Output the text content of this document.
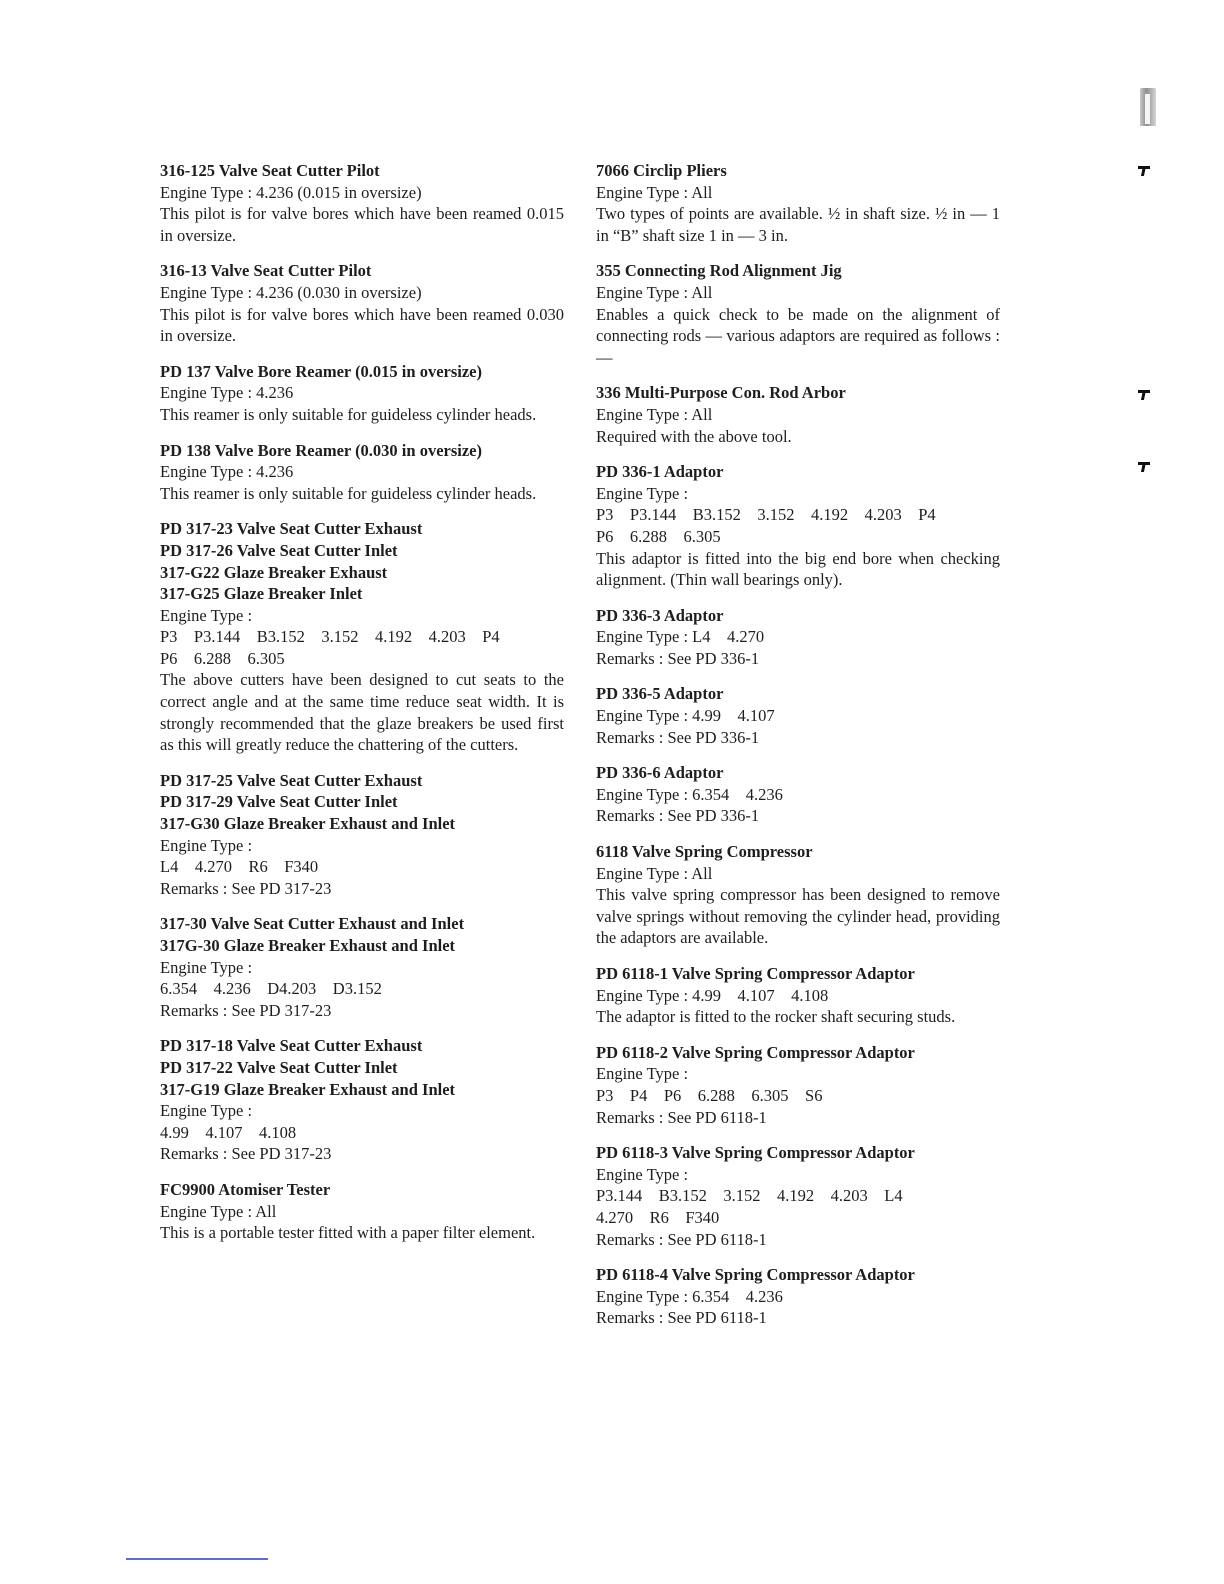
316-125 Valve Seat Cutter Pilot
Engine Type : 4.236 (0.015 in oversize)
This pilot is for valve bores which have been reamed 0.015 in oversize.
316-13 Valve Seat Cutter Pilot
Engine Type : 4.236 (0.030 in oversize)
This pilot is for valve bores which have been reamed 0.030 in oversize.
PD 137 Valve Bore Reamer (0.015 in oversize)
Engine Type : 4.236
This reamer is only suitable for guideless cylinder heads.
PD 138 Valve Bore Reamer (0.030 in oversize)
Engine Type : 4.236
This reamer is only suitable for guideless cylinder heads.
PD 317-23 Valve Seat Cutter Exhaust
PD 317-26 Valve Seat Cutter Inlet
317-G22 Glaze Breaker Exhaust
317-G25 Glaze Breaker Inlet
Engine Type :
P3    P3.144    B3.152    3.152    4.192    4.203    P4
P6    6.288    6.305
The above cutters have been designed to cut seats to the correct angle and at the same time reduce seat width. It is strongly recommended that the glaze breakers be used first as this will greatly reduce the chattering of the cutters.
PD 317-25 Valve Seat Cutter Exhaust
PD 317-29 Valve Seat Cutter Inlet
317-G30 Glaze Breaker Exhaust and Inlet
Engine Type :
L4    4.270    R6    F340
Remarks : See PD 317-23
317-30 Valve Seat Cutter Exhaust and Inlet
317G-30 Glaze Breaker Exhaust and Inlet
Engine Type :
6.354    4.236    D4.203    D3.152
Remarks : See PD 317-23
PD 317-18 Valve Seat Cutter Exhaust
PD 317-22 Valve Seat Cutter Inlet
317-G19 Glaze Breaker Exhaust and Inlet
Engine Type :
4.99    4.107    4.108
Remarks : See PD 317-23
FC9900 Atomiser Tester
Engine Type : All
This is a portable tester fitted with a paper filter element.
7066 Circlip Pliers
Engine Type : All
Two types of points are available. ½ in shaft size. ½ in — 1 in “B” shaft size 1 in — 3 in.
355 Connecting Rod Alignment Jig
Engine Type : All
Enables a quick check to be made on the alignment of connecting rods — various adaptors are required as follows :—
336 Multi-Purpose Con. Rod Arbor
Engine Type : All
Required with the above tool.
PD 336-1 Adaptor
Engine Type :
P3    P3.144    B3.152    3.152    4.192    4.203    P4
P6    6.288    6.305
This adaptor is fitted into the big end bore when checking alignment. (Thin wall bearings only).
PD 336-3 Adaptor
Engine Type : L4    4.270
Remarks : See PD 336-1
PD 336-5 Adaptor
Engine Type : 4.99    4.107
Remarks : See PD 336-1
PD 336-6 Adaptor
Engine Type : 6.354    4.236
Remarks : See PD 336-1
6118 Valve Spring Compressor
Engine Type : All
This valve spring compressor has been designed to remove valve springs without removing the cylinder head, providing the adaptors are available.
PD 6118-1 Valve Spring Compressor Adaptor
Engine Type : 4.99    4.107    4.108
The adaptor is fitted to the rocker shaft securing studs.
PD 6118-2 Valve Spring Compressor Adaptor
Engine Type :
P3    P4    P6    6.288    6.305    S6
Remarks : See PD 6118-1
PD 6118-3 Valve Spring Compressor Adaptor
Engine Type :
P3.144    B3.152    3.152    4.192    4.203    L4
4.270    R6    F340
Remarks : See PD 6118-1
PD 6118-4 Valve Spring Compressor Adaptor
Engine Type : 6.354    4.236
Remarks : See PD 6118-1
